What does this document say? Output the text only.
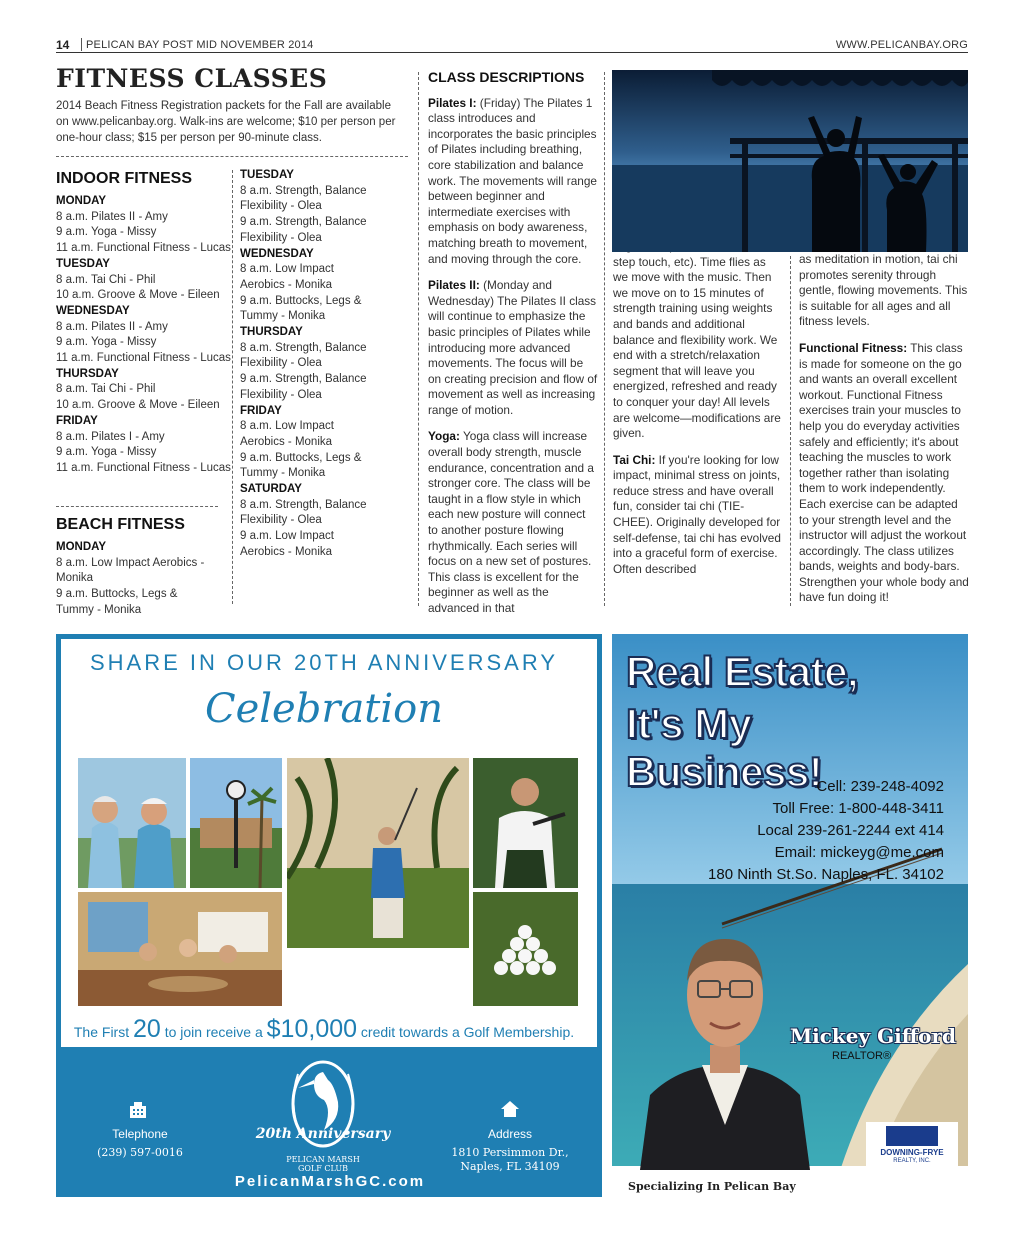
14 PELICAN BAY POST MID NOVEMBER 2014	WWW.PELICANBAY.ORG
FITNESS CLASSES
2014 Beach Fitness Registration packets for the Fall are available on www.pelicanbay.org. Walk-ins are welcome; $10 per person per one-hour class; $15 per person per 90-minute class.
INDOOR FITNESS
MONDAY
8 a.m. Pilates II - Amy
9 a.m. Yoga - Missy
11 a.m. Functional Fitness - Lucas
TUESDAY
8 a.m. Tai Chi - Phil
10 a.m. Groove & Move - Eileen
WEDNESDAY
8 a.m. Pilates II - Amy
9 a.m. Yoga - Missy
11 a.m. Functional Fitness - Lucas
THURSDAY
8 a.m. Tai Chi - Phil
10 a.m. Groove & Move - Eileen
FRIDAY
8 a.m. Pilates I - Amy
9 a.m. Yoga - Missy
11 a.m. Functional Fitness - Lucas
BEACH FITNESS
MONDAY
8 a.m. Low Impact Aerobics - Monika
9 a.m. Buttocks, Legs &
Tummy - Monika
TUESDAY
8 a.m. Strength, Balance
Flexibility - Olea
9 a.m. Strength, Balance
Flexibility - Olea
WEDNESDAY
8 a.m. Low Impact
Aerobics - Monika
9 a.m. Buttocks, Legs &
Tummy - Monika
THURSDAY
8 a.m. Strength, Balance
Flexibility - Olea
9 a.m. Strength, Balance
Flexibility - Olea
FRIDAY
8 a.m. Low Impact
Aerobics - Monika
9 a.m. Buttocks, Legs &
Tummy - Monika
SATURDAY
8 a.m. Strength, Balance
Flexibility - Olea
9 a.m. Low Impact
Aerobics - Monika
CLASS DESCRIPTIONS

Pilates I: (Friday) The Pilates 1 class introduces and incorporates the basic principles of Pilates including breathing, core stabilization and balance work. The movements will range between beginner and intermediate exercises with emphasis on body awareness, matching breath to movement, and moving through the core.

Pilates II: (Monday and Wednesday) The Pilates II class will continue to emphasize the basic principles of Pilates while introducing more advanced movements. The focus will be on creating precision and flow of movement as well as increasing range of motion.

Yoga: Yoga class will increase overall body strength, muscle endurance, concentration and a stronger core. The class will be taught in a flow style in which each new posture will connect to another posture flowing rhythmically. Each series will focus on a new set of postures. This class is excellent for the beginner as well as the advanced in that

step touch, etc). Time flies as we move with the music. Then we move on to 15 minutes of strength training using weights and bands and additional balance and flexibility work. We end with a stretch/relaxation segment that will leave you energized, refreshed and ready to conquer your day! All levels are welcome—modifications are given.

Tai Chi: If you're looking for low impact, minimal stress on joints, reduce stress and have overall fun, consider tai chi (TIE-CHEE). Originally developed for self-defense, tai chi has evolved into a graceful form of exercise. Often described

as meditation in motion, tai chi promotes serenity through gentle, flowing movements. This is suitable for all ages and all fitness levels.

Functional Fitness: This class is made for someone on the go and wants an overall excellent workout. Functional Fitness exercises train your muscles to help you do everyday activities safely and efficiently; it's about teaching the muscles to work together rather than isolating them to work independently. Each exercise can be adapted to your strength level and the instructor will adjust the workout accordingly. The class utilizes bands, weights and body-bars. Strengthen your whole body and have fun doing it!

SHARE IN OUR 20TH ANNIVERSARY
Celebration
Less than a mile away
from Pelican Bay
The First 20 to join receive a $10,000 credit towards a Golf Membership.
Telephone
(239) 597-0016
Address
1810 Persimmon Dr.,
Naples, FL 34109
20th Anniversary
PELICAN MARSH
GOLF CLUB
PelicanMarshGC.com
Real Estate,
It's My Business!
Cell: 239-248-4092
Toll Free: 1-800-448-3411
Local 239-261-2244 ext 414
Email: mickeyg@me.com
180 Ninth St.So. Naples, FL. 34102
Mickey Gifford
REALTOR®
DOWNING-FRYE
REALTY, INC.
Specializing In Pelican Bay
